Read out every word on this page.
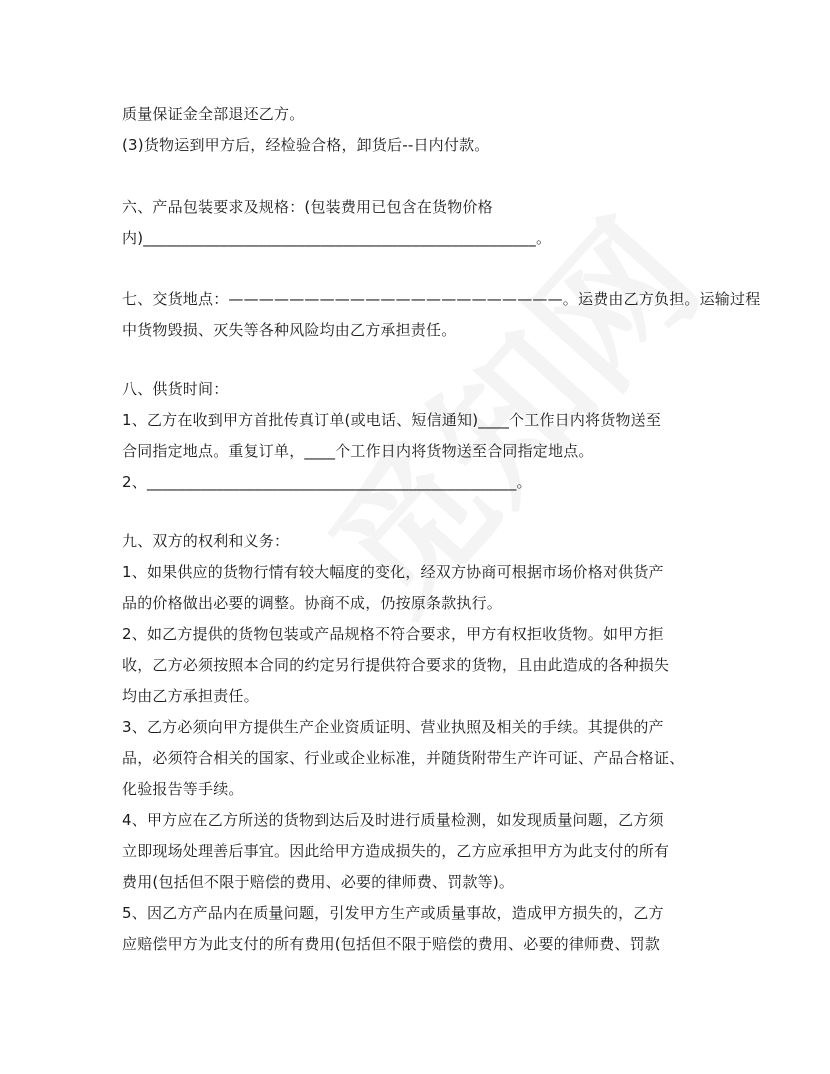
质量保证金全部退还乙方。
(3)货物运到甲方后，经检验合格，卸货后--日内付款。
六、产品包装要求及规格：(包装费用已包含在货物价格
内)___________________________________________________。
七、交货地点：——————————————————————。运费由乙方负担。运输过程
中货物毁损、灭失等各种风险均由乙方承担责任。
八、供货时间：
1、乙方在收到甲方首批传真订单(或电话、短信通知)____个工作日内将货物送至
合同指定地点。重复订单，____个工作日内将货物送至合同指定地点。
2、________________________________________________。
九、双方的权利和义务：
1、如果供应的货物行情有较大幅度的变化，经双方协商可根据市场价格对供货产
品的价格做出必要的调整。协商不成，仍按原条款执行。
2、如乙方提供的货物包装或产品规格不符合要求，甲方有权拒收货物。如甲方拒
收，乙方必须按照本合同的约定另行提供符合要求的货物，且由此造成的各种损失
均由乙方承担责任。
3、乙方必须向甲方提供生产企业资质证明、营业执照及相关的手续。其提供的产
品，必须符合相关的国家、行业或企业标准，并随货附带生产许可证、产品合格证、
化验报告等手续。
4、甲方应在乙方所送的货物到达后及时进行质量检测，如发现质量问题，乙方须
立即现场处理善后事宜。因此给甲方造成损失的，乙方应承担甲方为此支付的所有
费用(包括但不限于赔偿的费用、必要的律师费、罚款等)。
5、因乙方产品内在质量问题，引发甲方生产或质量事故，造成甲方损失的，乙方
应赔偿甲方为此支付的所有费用(包括但不限于赔偿的费用、必要的律师费、罚款
